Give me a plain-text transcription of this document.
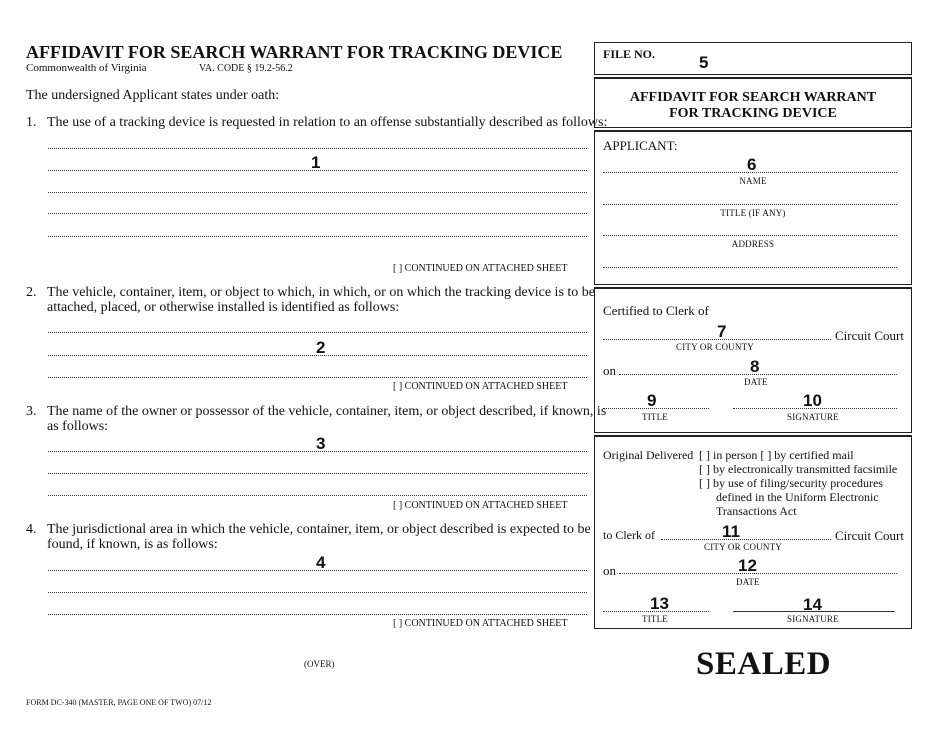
AFFIDAVIT FOR SEARCH WARRANT FOR TRACKING DEVICE
Commonwealth of Virginia	VA. CODE § 19.2-56.2
The undersigned Applicant states under oath:
1. The use of a tracking device is requested in relation to an offense substantially described as follows:
1
[ ] CONTINUED ON ATTACHED SHEET
2. The vehicle, container, item, or object to which, in which, or on which the tracking device is to be
attached, placed, or otherwise installed is identified as follows:
2
[ ] CONTINUED ON ATTACHED SHEET
3. The name of the owner or possessor of the vehicle, container, item, or object described, if known, is
as follows:
3
[ ] CONTINUED ON ATTACHED SHEET
4. The jurisdictional area in which the vehicle, container, item, or object described is expected to be
found, if known, is as follows:
4
[ ] CONTINUED ON ATTACHED SHEET
(OVER)
FORM DC-340 (MASTER, PAGE ONE OF TWO) 07/12
FILE NO.	5
AFFIDAVIT FOR SEARCH WARRANT
FOR TRACKING DEVICE
APPLICANT:
6
NAME
TITLE (IF ANY)
ADDRESS
Certified to Clerk of
7	Circuit Court
CITY OR COUNTY
on	8
DATE
9
TITLE
10
SIGNATURE
Original Delivered [ ] in person [ ] by certified mail
[ ] by electronically transmitted facsimile
[ ] by use of filing/security procedures
defined in the Uniform Electronic
Transactions Act
to Clerk of	11	Circuit Court
CITY OR COUNTY
on	12
DATE
13
TITLE
14
SIGNATURE
SEALED
